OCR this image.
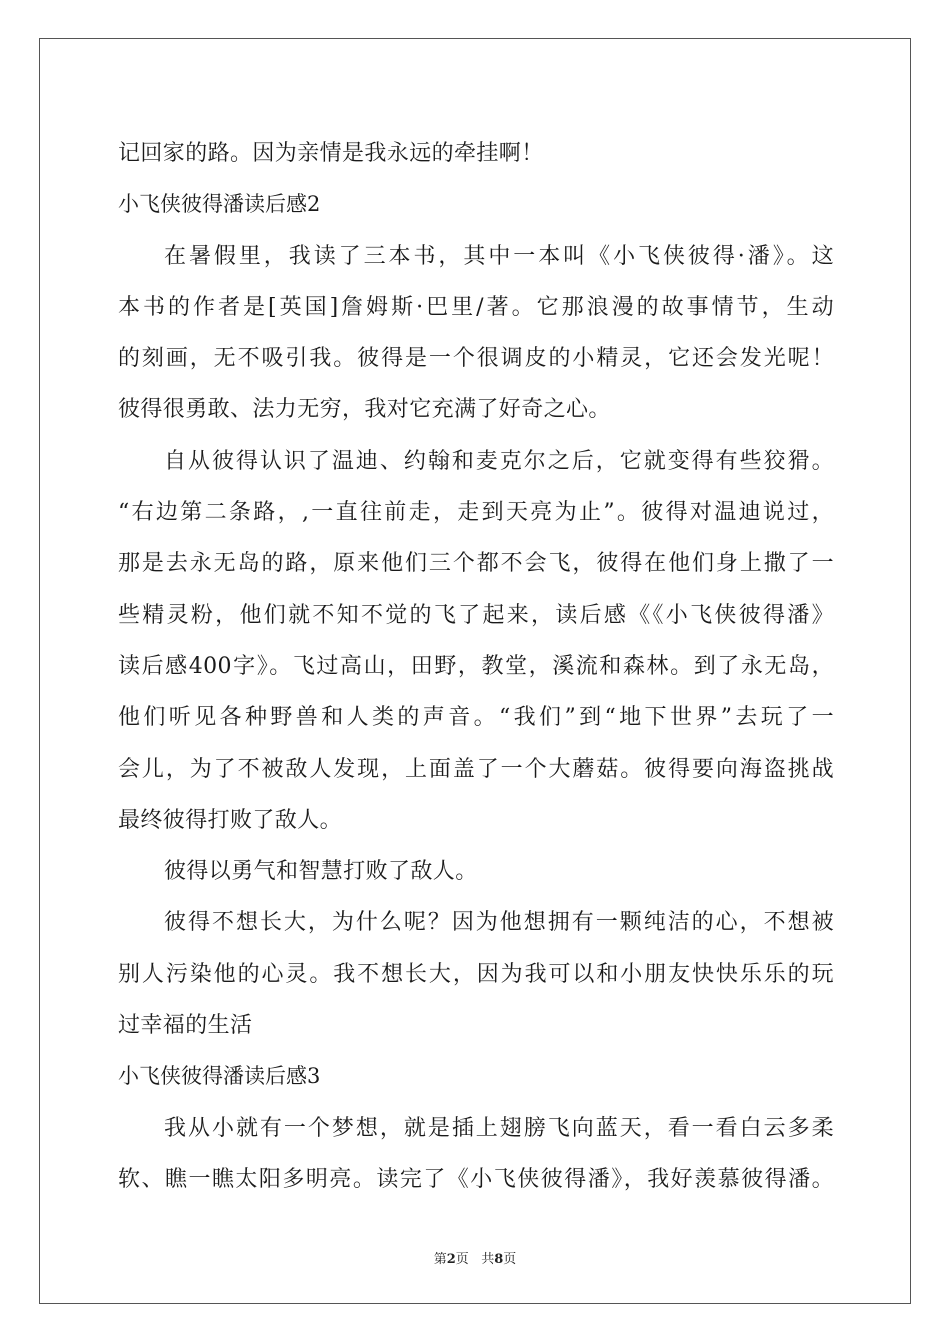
记回家的路。因为亲情是我永远的牵挂啊！
小飞侠彼得潘读后感2
在暑假里，我读了三本书，其中一本叫《小飞侠彼得·潘》。这
本书的作者是[英国]詹姆斯·巴里/著。它那浪漫的故事情节，生动
的刻画，无不吸引我。彼得是一个很调皮的小精灵，它还会发光呢！
彼得很勇敢、法力无穷，我对它充满了好奇之心。
自从彼得认识了温迪、约翰和麦克尔之后，它就变得有些狡猾。
“右边第二条路，,一直往前走，走到天亮为止”。彼得对温迪说过，
那是去永无岛的路，原来他们三个都不会飞，彼得在他们身上撒了一
些精灵粉，他们就不知不觉的飞了起来，读后感《《小飞侠彼得潘》
读后感400字》。飞过高山，田野，教堂，溪流和森林。到了永无岛，
他们听见各种野兽和人类的声音。“我们”到“地下世界”去玩了一
会儿，为了不被敌人发现，上面盖了一个大蘑菇。彼得要向海盗挑战
最终彼得打败了敌人。
彼得以勇气和智慧打败了敌人。
彼得不想长大，为什么呢？因为他想拥有一颗纯洁的心，不想被
别人污染他的心灵。我不想长大，因为我可以和小朋友快快乐乐的玩
过幸福的生活
小飞侠彼得潘读后感3
我从小就有一个梦想，就是插上翅膀飞向蓝天，看一看白云多柔
软、瞧一瞧太阳多明亮。读完了《小飞侠彼得潘》，我好羡慕彼得潘。
第2页 共8页
